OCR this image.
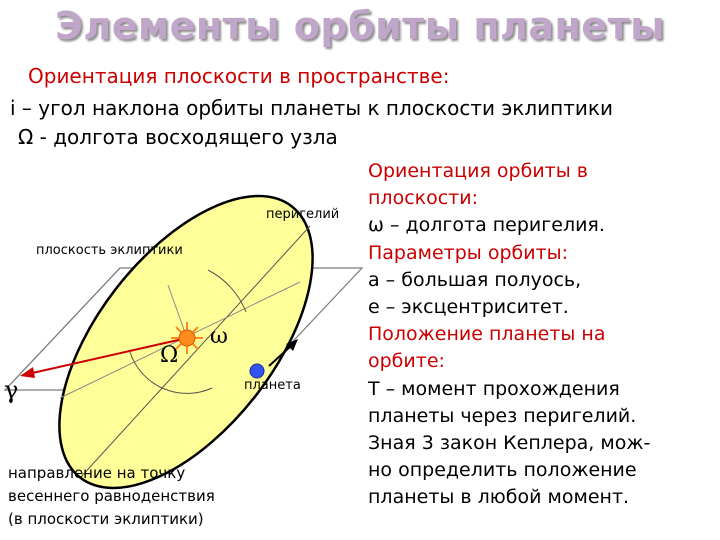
Элементы орбиты планеты
Ориентация плоскости в пространстве:
i – угол наклона орбиты планеты к плоскости эклиптики
Ω - долгота восходящего узла
перигелий
плоскость эклиптики
планета
Ω
ω
γ
направление на точку
весеннего равноденствия
(в плоскости эклиптики)
Ориентация орбиты в
плоскости:
ω – долгота перигелия.
Параметры орбиты:
a – большая полуось,
e – эксцентриситет.
Положение планеты на
орбите:
T – момент прохождения
планеты через перигелий.
Зная 3 закон Кеплера, мож-
но определить положение
планеты в любой момент.
